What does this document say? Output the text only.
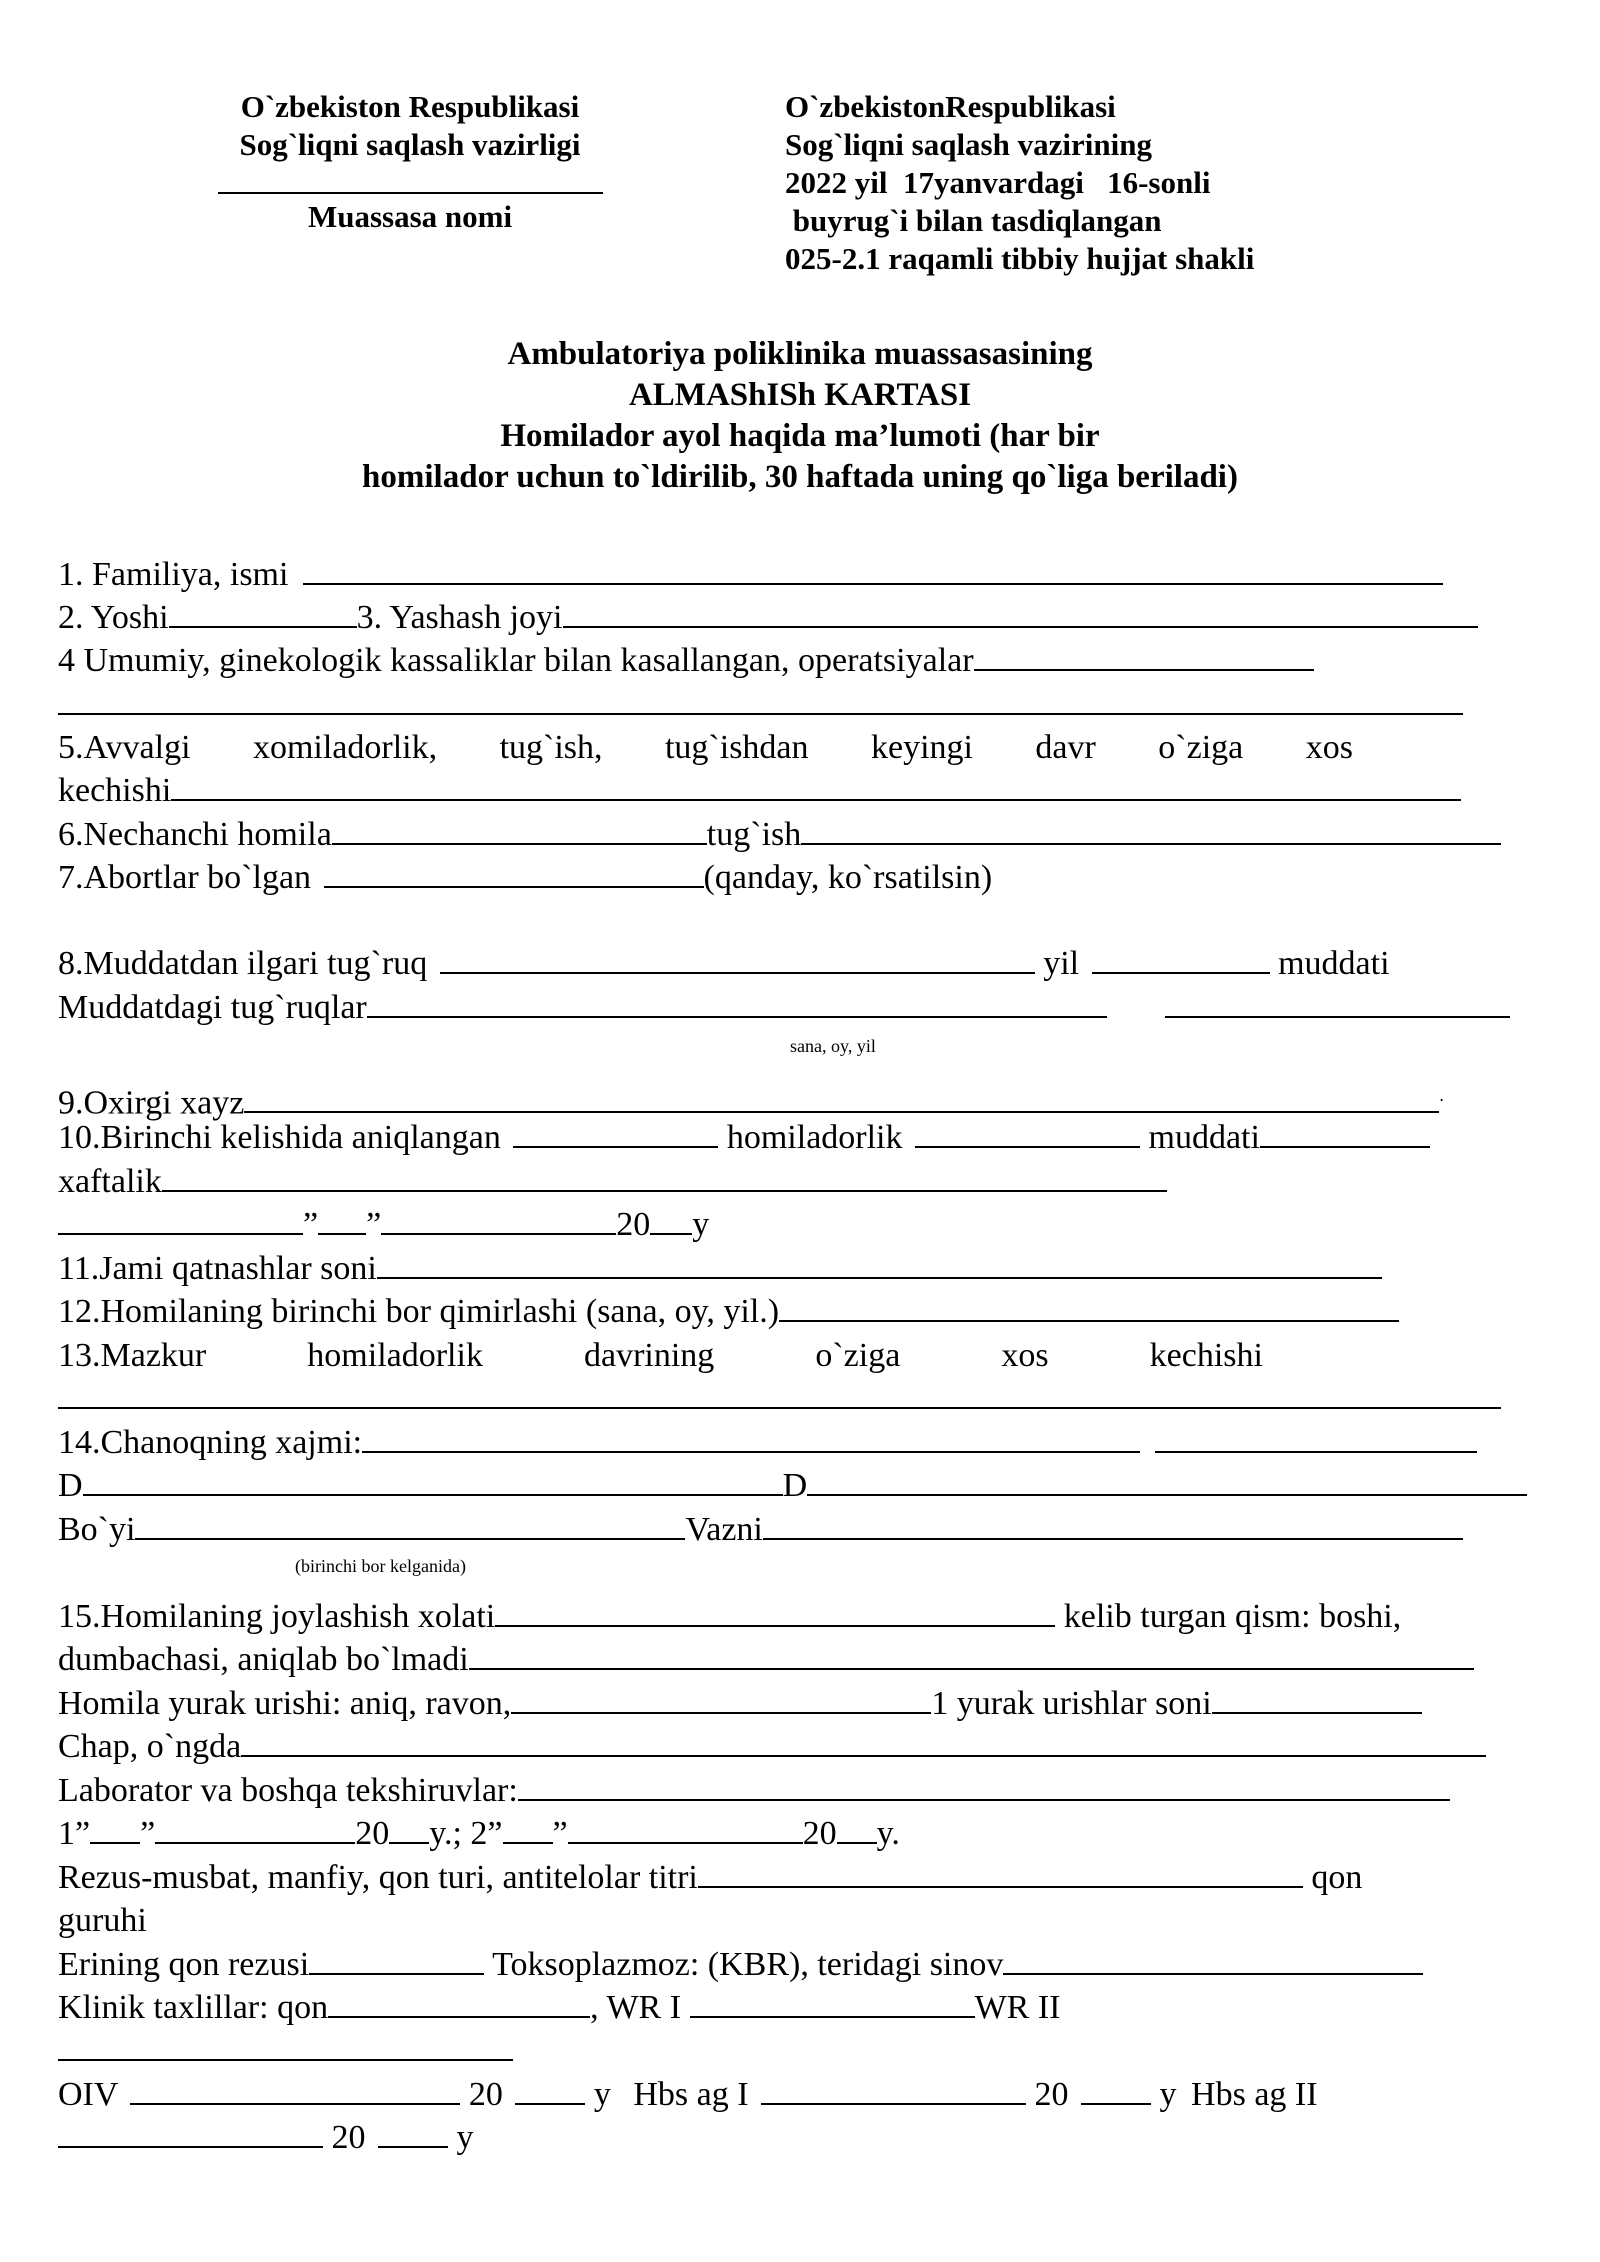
O`zbekiston Respublikasi
Sog`liqni saqlash vazirligi
Muassasa nomi
O`zbekistonRespublikasi
Sog`liqni saqlash vazirining
2022 yil  17yanvardagi   16-sonli
buyrug`i bilan tasdiqlangan
025-2.1 raqamli tibbiy hujjat shakli
Ambulatoriya poliklinika muassasasining
ALMAShISh KARTASI
Homilador ayol haqida ma’lumoti (har bir
homilador uchun to`ldirilib, 30 haftada uning qo`liga beriladi)
1. Familiya, ismi
2. Yoshi	3. Yashash joyi
4 Umumiy, ginekologik kassaliklar bilan kasallangan, operatsiyalar
5.Avvalgi xomiladorlik, tug`ish, tug`ishdan keyingi davr o`ziga xos
kechishi
6.Nechanchi homila	tug`ish
7.Abortlar bo`lgan	(qanday, ko`rsatilsin)
8.Muddatdan ilgari tug`ruq	yil	muddati
Muddatdagi tug`ruqlar
sana, oy, yil
9.Oxirgi xayz	.
10.Birinchi kelishida aniqlangan	homiladorlik	muddati
xaftalik
” ”	20 y
11.Jami qatnashlar soni
12.Homilaning birinchi bor qimirlashi (sana, oy, yil.)
13.Mazkur	homiladorlik	davrining	o`ziga	xos	kechishi
14.Chanoqning xajmi:
D	D
Bo`yi	Vazni
(birinchi bor kelganida)
15.Homilaning joylashish xolati	kelib turgan qism: boshi,
dumbachasi, aniqlab bo`lmadi
Homila yurak urishi: aniq, ravon,	1 yurak urishlar soni
Chap, o`ngda
Laborator va boshqa tekshiruvlar:
1” ”	20 y.; 2” ”	20 y.
Rezus-musbat, manfiy, qon turi, antitelolar titri	qon
guruhi
Erining qon rezusi	Toksoplazmoz: (KBR), teridagi sinov
Klinik taxlillar: qon	, WR I	WR II
OIV	20	y Hbs ag I	20	y Hbs ag II
20	y
